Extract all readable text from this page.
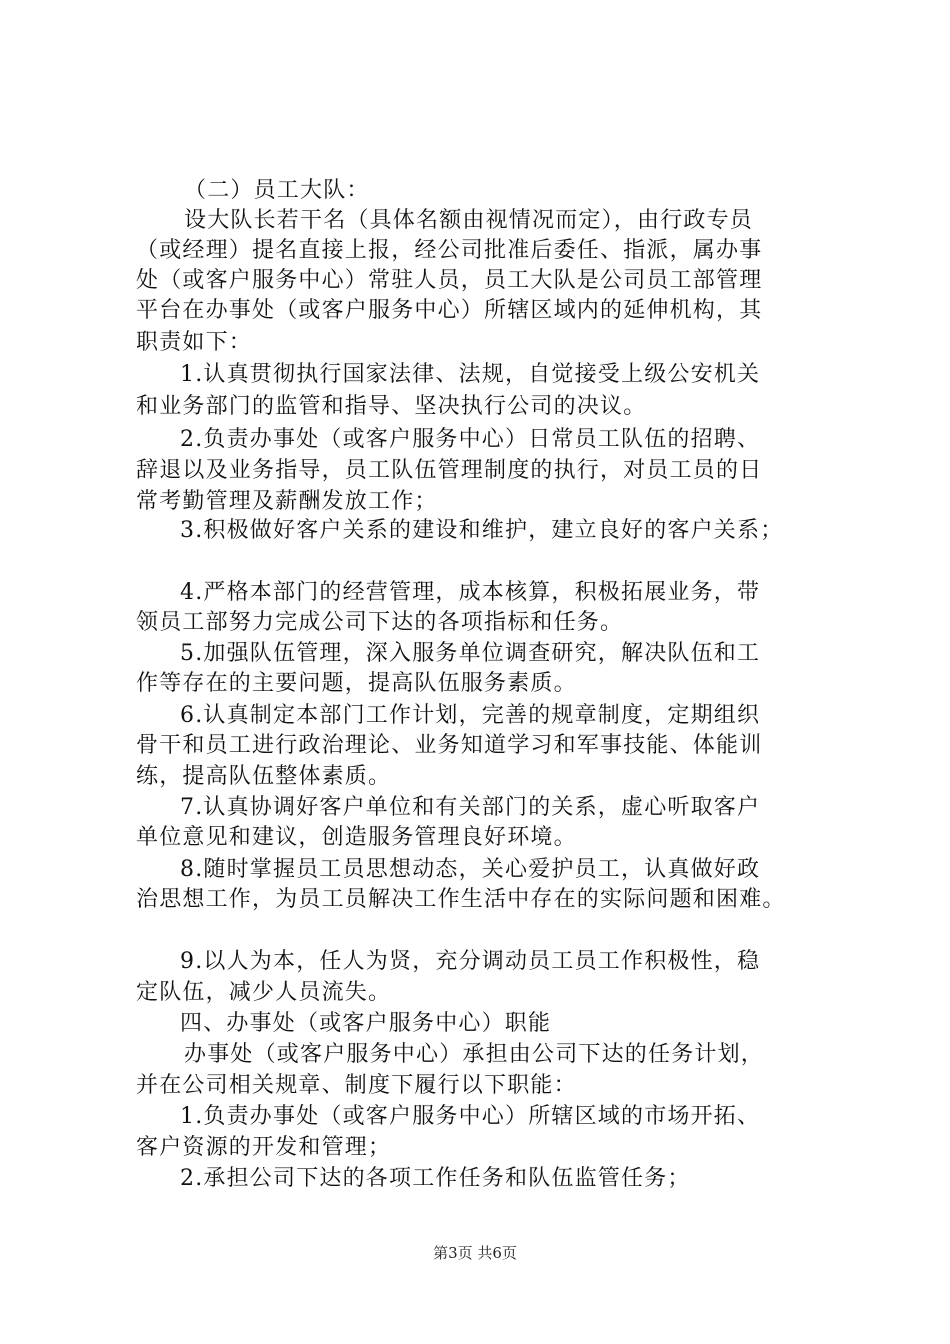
（二）员工大队：
设大队长若干名（具体名额由视情况而定），由行政专员
（或经理）提名直接上报，经公司批准后委任、指派，属办事
处（或客户服务中心）常驻人员，员工大队是公司员工部管理
平台在办事处（或客户服务中心）所辖区域内的延伸机构，其
职责如下：
1.认真贯彻执行国家法律、法规，自觉接受上级公安机关
和业务部门的监管和指导、坚决执行公司的决议。
2.负责办事处（或客户服务中心）日常员工队伍的招聘、
辞退以及业务指导，员工队伍管理制度的执行，对员工员的日
常考勤管理及薪酬发放工作；
3.积极做好客户关系的建设和维护，建立良好的客户关系；
4.严格本部门的经营管理，成本核算，积极拓展业务，带
领员工部努力完成公司下达的各项指标和任务。
5.加强队伍管理，深入服务单位调查研究，解决队伍和工
作等存在的主要问题，提高队伍服务素质。
6.认真制定本部门工作计划，完善的规章制度，定期组织
骨干和员工进行政治理论、业务知道学习和军事技能、体能训
练，提高队伍整体素质。
7.认真协调好客户单位和有关部门的关系，虚心听取客户
单位意见和建议，创造服务管理良好环境。
8.随时掌握员工员思想动态，关心爱护员工，认真做好政
治思想工作，为员工员解决工作生活中存在的实际问题和困难。
9.以人为本，任人为贤，充分调动员工员工作积极性，稳
定队伍，减少人员流失。
四、办事处（或客户服务中心）职能
办事处（或客户服务中心）承担由公司下达的任务计划，
并在公司相关规章、制度下履行以下职能：
1.负责办事处（或客户服务中心）所辖区域的市场开拓、
客户资源的开发和管理；
2.承担公司下达的各项工作任务和队伍监管任务；
第3页 共6页
